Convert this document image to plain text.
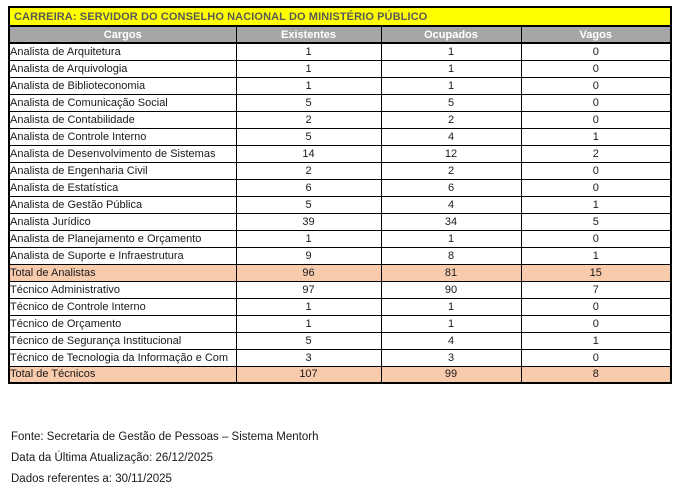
CARREIRA: SERVIDOR DO CONSELHO NACIONAL DO MINISTÉRIO PÚBLICO			
Cargos	Existentes	Ocupados	Vagos
Analista de Arquitetura	1	1	0
Analista de Arquivologia	1	1	0
Analista de Biblioteconomia	1	1	0
Analista de Comunicação Social	5	5	0
Analista de Contabilidade	2	2	0
Analista de Controle Interno	5	4	1
Analista de Desenvolvimento de Sistemas	14	12	2
Analista de Engenharia Civil	2	2	0
Analista de Estatística	6	6	0
Analista de Gestão Pública	5	4	1
Analista Jurídico	39	34	5
Analista de Planejamento e Orçamento	1	1	0
Analista de Suporte e Infraestrutura	9	8	1
Total de Analistas	96	81	15
Técnico Administrativo	97	90	7
Técnico de Controle Interno	1	1	0
Técnico de Orçamento	1	1	0
Técnico de Segurança Institucional	5	4	1
Técnico de Tecnologia da Informação e Com	3	3	0
Total de Técnicos	107	99	8
Fonte: Secretaria de Gestão de Pessoas – Sistema Mentorh
Data da Última Atualização: 26/12/2025
Dados referentes a: 30/11/2025
